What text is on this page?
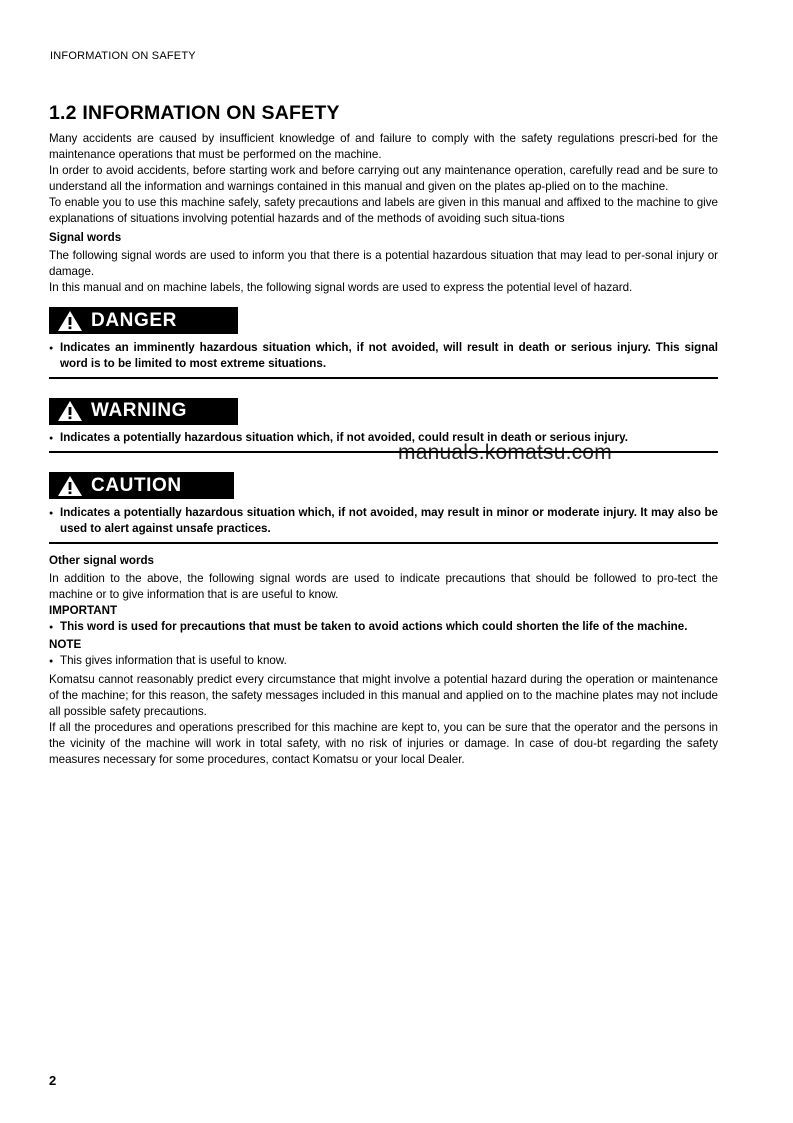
INFORMATION ON SAFETY
1.2 INFORMATION ON SAFETY

Many accidents are caused by insufficient knowledge of and failure to comply with the safety regulations prescri-bed for the maintenance operations that must be performed on the machine.

In order to avoid accidents, before starting work and before carrying out any maintenance operation, carefully read and be sure to understand all the information and warnings contained in this manual and given on the plates ap-plied on to the machine.

To enable you to use this machine safely, safety precautions and labels are given in this manual and affixed to the machine to give explanations of situations involving potential hazards and of the methods of avoiding such situa-tions

Signal words

The following signal words are used to inform you that there is a potential hazardous situation that may lead to per-sonal injury or damage.

In this manual and on machine labels, the following signal words are used to express the potential level of hazard.

DANGER
● Indicates an imminently hazardous situation which, if not avoided, will result in death or serious injury. This signal word is to be limited to most extreme situations.
WARNING
● Indicates a potentially hazardous situation which, if not avoided, could result in death or serious injury.
CAUTION
● Indicates a potentially hazardous situation which, if not avoided, may result in minor or moderate injury. It may also be used to alert against unsafe practices.
Other signal words

In addition to the above, the following signal words are used to indicate precautions that should be followed to pro-tect the machine or to give information that is are useful to know.

IMPORTANT
● This word is used for precautions that must be taken to avoid actions which could shorten the life of the machine.
NOTE
● This gives information that is useful to know.

Komatsu cannot reasonably predict every circumstance that might involve a potential hazard during the operation or maintenance of the machine; for this reason, the safety messages included in this manual and applied on to the machine plates may not include all possible safety precautions.

If all the procedures and operations prescribed for this machine are kept to, you can be sure that the operator and the persons in the vicinity of the machine will work in total safety, with no risk of injuries or damage. In case of dou-bt regarding the safety measures necessary for some procedures, contact Komatsu or your local Dealer.

manuals.komatsu.com
2
